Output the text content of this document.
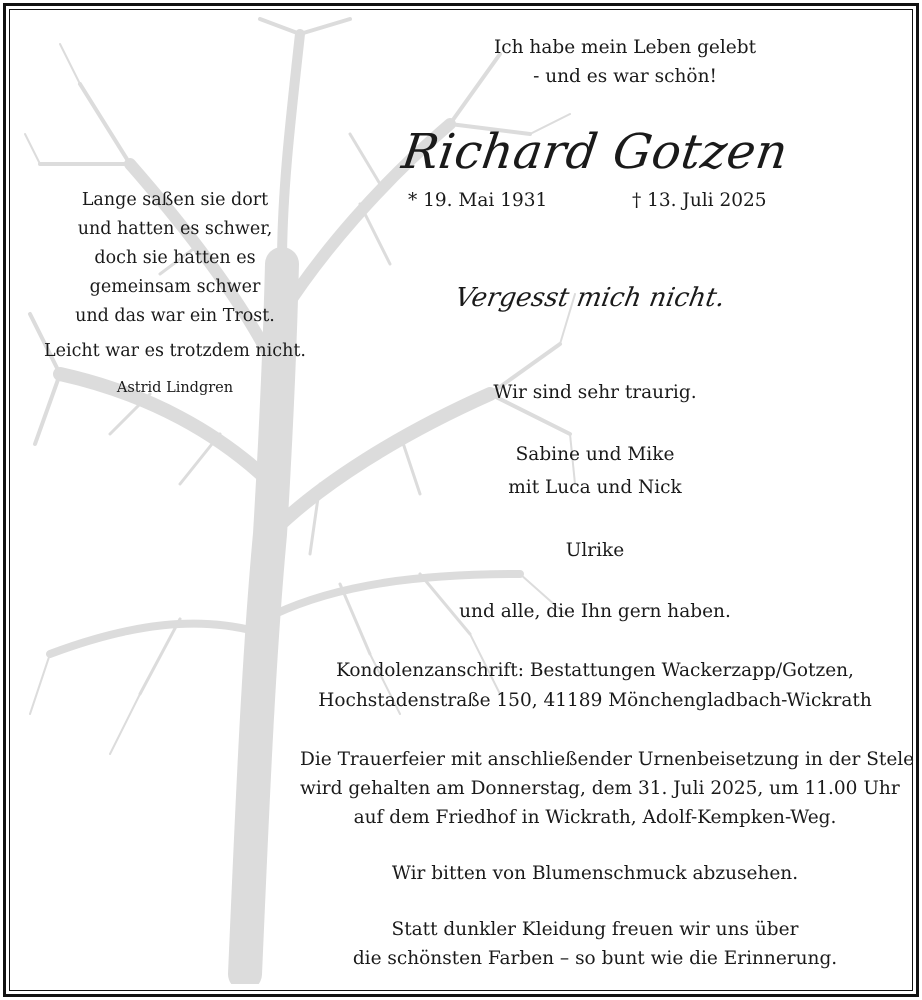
Ich habe mein Leben gelebt
- und es war schön!
Richard Gotzen
* 19. Mai 1931	† 13. Juli 2025
Lange saßen sie dort
und hatten es schwer,
doch sie hatten es
gemeinsam schwer
und das war ein Trost.
Leicht war es trotzdem nicht.
Astrid Lindgren
Vergesst mich nicht.
Wir sind sehr traurig.
Sabine und Mike
mit Luca und Nick
Ulrike
und alle, die Ihn gern haben.
Kondolenzanschrift: Bestattungen Wackerzapp/Gotzen,
Hochstadenstraße 150, 41189 Mönchengladbach-Wickrath
Die Trauerfeier mit anschließender Urnenbeisetzung in der Stele
wird gehalten am Donnerstag, dem 31. Juli 2025, um 11.00 Uhr
auf dem Friedhof in Wickrath, Adolf-Kempken-Weg.
Wir bitten von Blumenschmuck abzusehen.
Statt dunkler Kleidung freuen wir uns über
die schönsten Farben – so bunt wie die Erinnerung.
